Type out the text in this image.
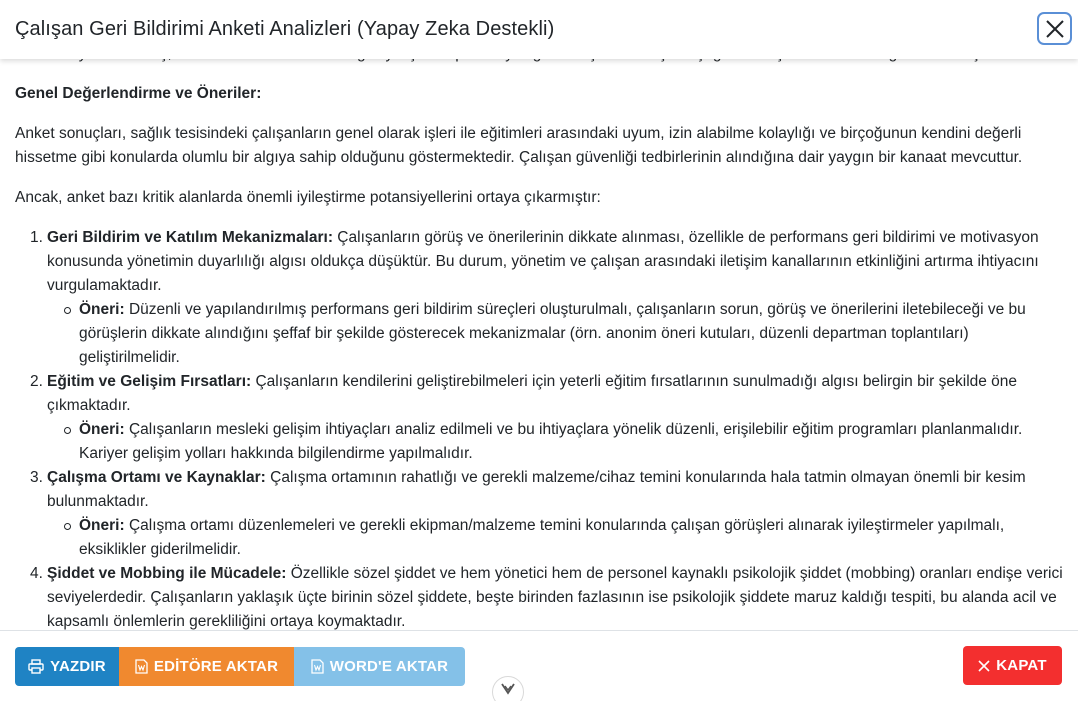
Genel Değerlendirme ve Öneriler:

Anket sonuçları, sağlık tesisindeki çalışanların genel olarak işleri ile eğitimleri arasındaki uyum, izin alabilme kolaylığı ve birçoğunun kendini değerli hissetme gibi konularda olumlu bir algıya sahip olduğunu göstermektedir. Çalışan güvenliği tedbirlerinin alındığına dair yaygın bir kanaat mevcuttur.

Ancak, anket bazı kritik alanlarda önemli iyileştirme potansiyellerini ortaya çıkarmıştır:

1. Geri Bildirim ve Katılım Mekanizmaları: Çalışanların görüş ve önerilerinin dikkate alınması, özellikle de performans geri bildirimi ve motivasyon konusunda yönetimin duyarlılığı algısı oldukça düşüktür. Bu durum, yönetim ve çalışan arasındaki iletişim kanallarının etkinliğini artırma ihtiyacını vurgulamaktadır.
Öneri: Düzenli ve yapılandırılmış performans geri bildirim süreçleri oluşturulmalı, çalışanların sorun, görüş ve önerilerini iletebileceği ve bu görüşlerin dikkate alındığını şeffaf bir şekilde gösterecek mekanizmalar (örn. anonim öneri kutuları, düzenli departman toplantıları) geliştirilmelidir.
2. Eğitim ve Gelişim Fırsatları: Çalışanların kendilerini geliştirebilmeleri için yeterli eğitim fırsatlarının sunulmadığı algısı belirgin bir şekilde öne çıkmaktadır.
Öneri: Çalışanların mesleki gelişim ihtiyaçları analiz edilmeli ve bu ihtiyaçlara yönelik düzenli, erişilebilir eğitim programları planlanmalıdır. Kariyer gelişim yolları hakkında bilgilendirme yapılmalıdır.
3. Çalışma Ortamı ve Kaynaklar: Çalışma ortamının rahatlığı ve gerekli malzeme/cihaz temini konularında hala tatmin olmayan önemli bir kesim bulunmaktadır.
Öneri: Çalışma ortamı düzenlemeleri ve gerekli ekipman/malzeme temini konularında çalışan görüşleri alınarak iyileştirmeler yapılmalı, eksiklikler giderilmelidir.
4. Şiddet ve Mobbing ile Mücadele: Özellikle sözel şiddet ve hem yönetici hem de personel kaynaklı psikolojik şiddet (mobbing) oranları endişe verici seviyelerdedir. Çalışanların yaklaşık üçte birinin sözel şiddete, beşte birinden fazlasının ise psikolojik şiddete maruz kaldığı tespiti, bu alanda acil ve kapsamlı önlemlerin gerekliliğini ortaya koymaktadır.
Çalışan Geri Bildirimi Anketi Analizleri (Yapay Zeka Destekli)
YAZDIR	EDİTÖRE AKTAR	WORD'E AKTAR	KAPAT
